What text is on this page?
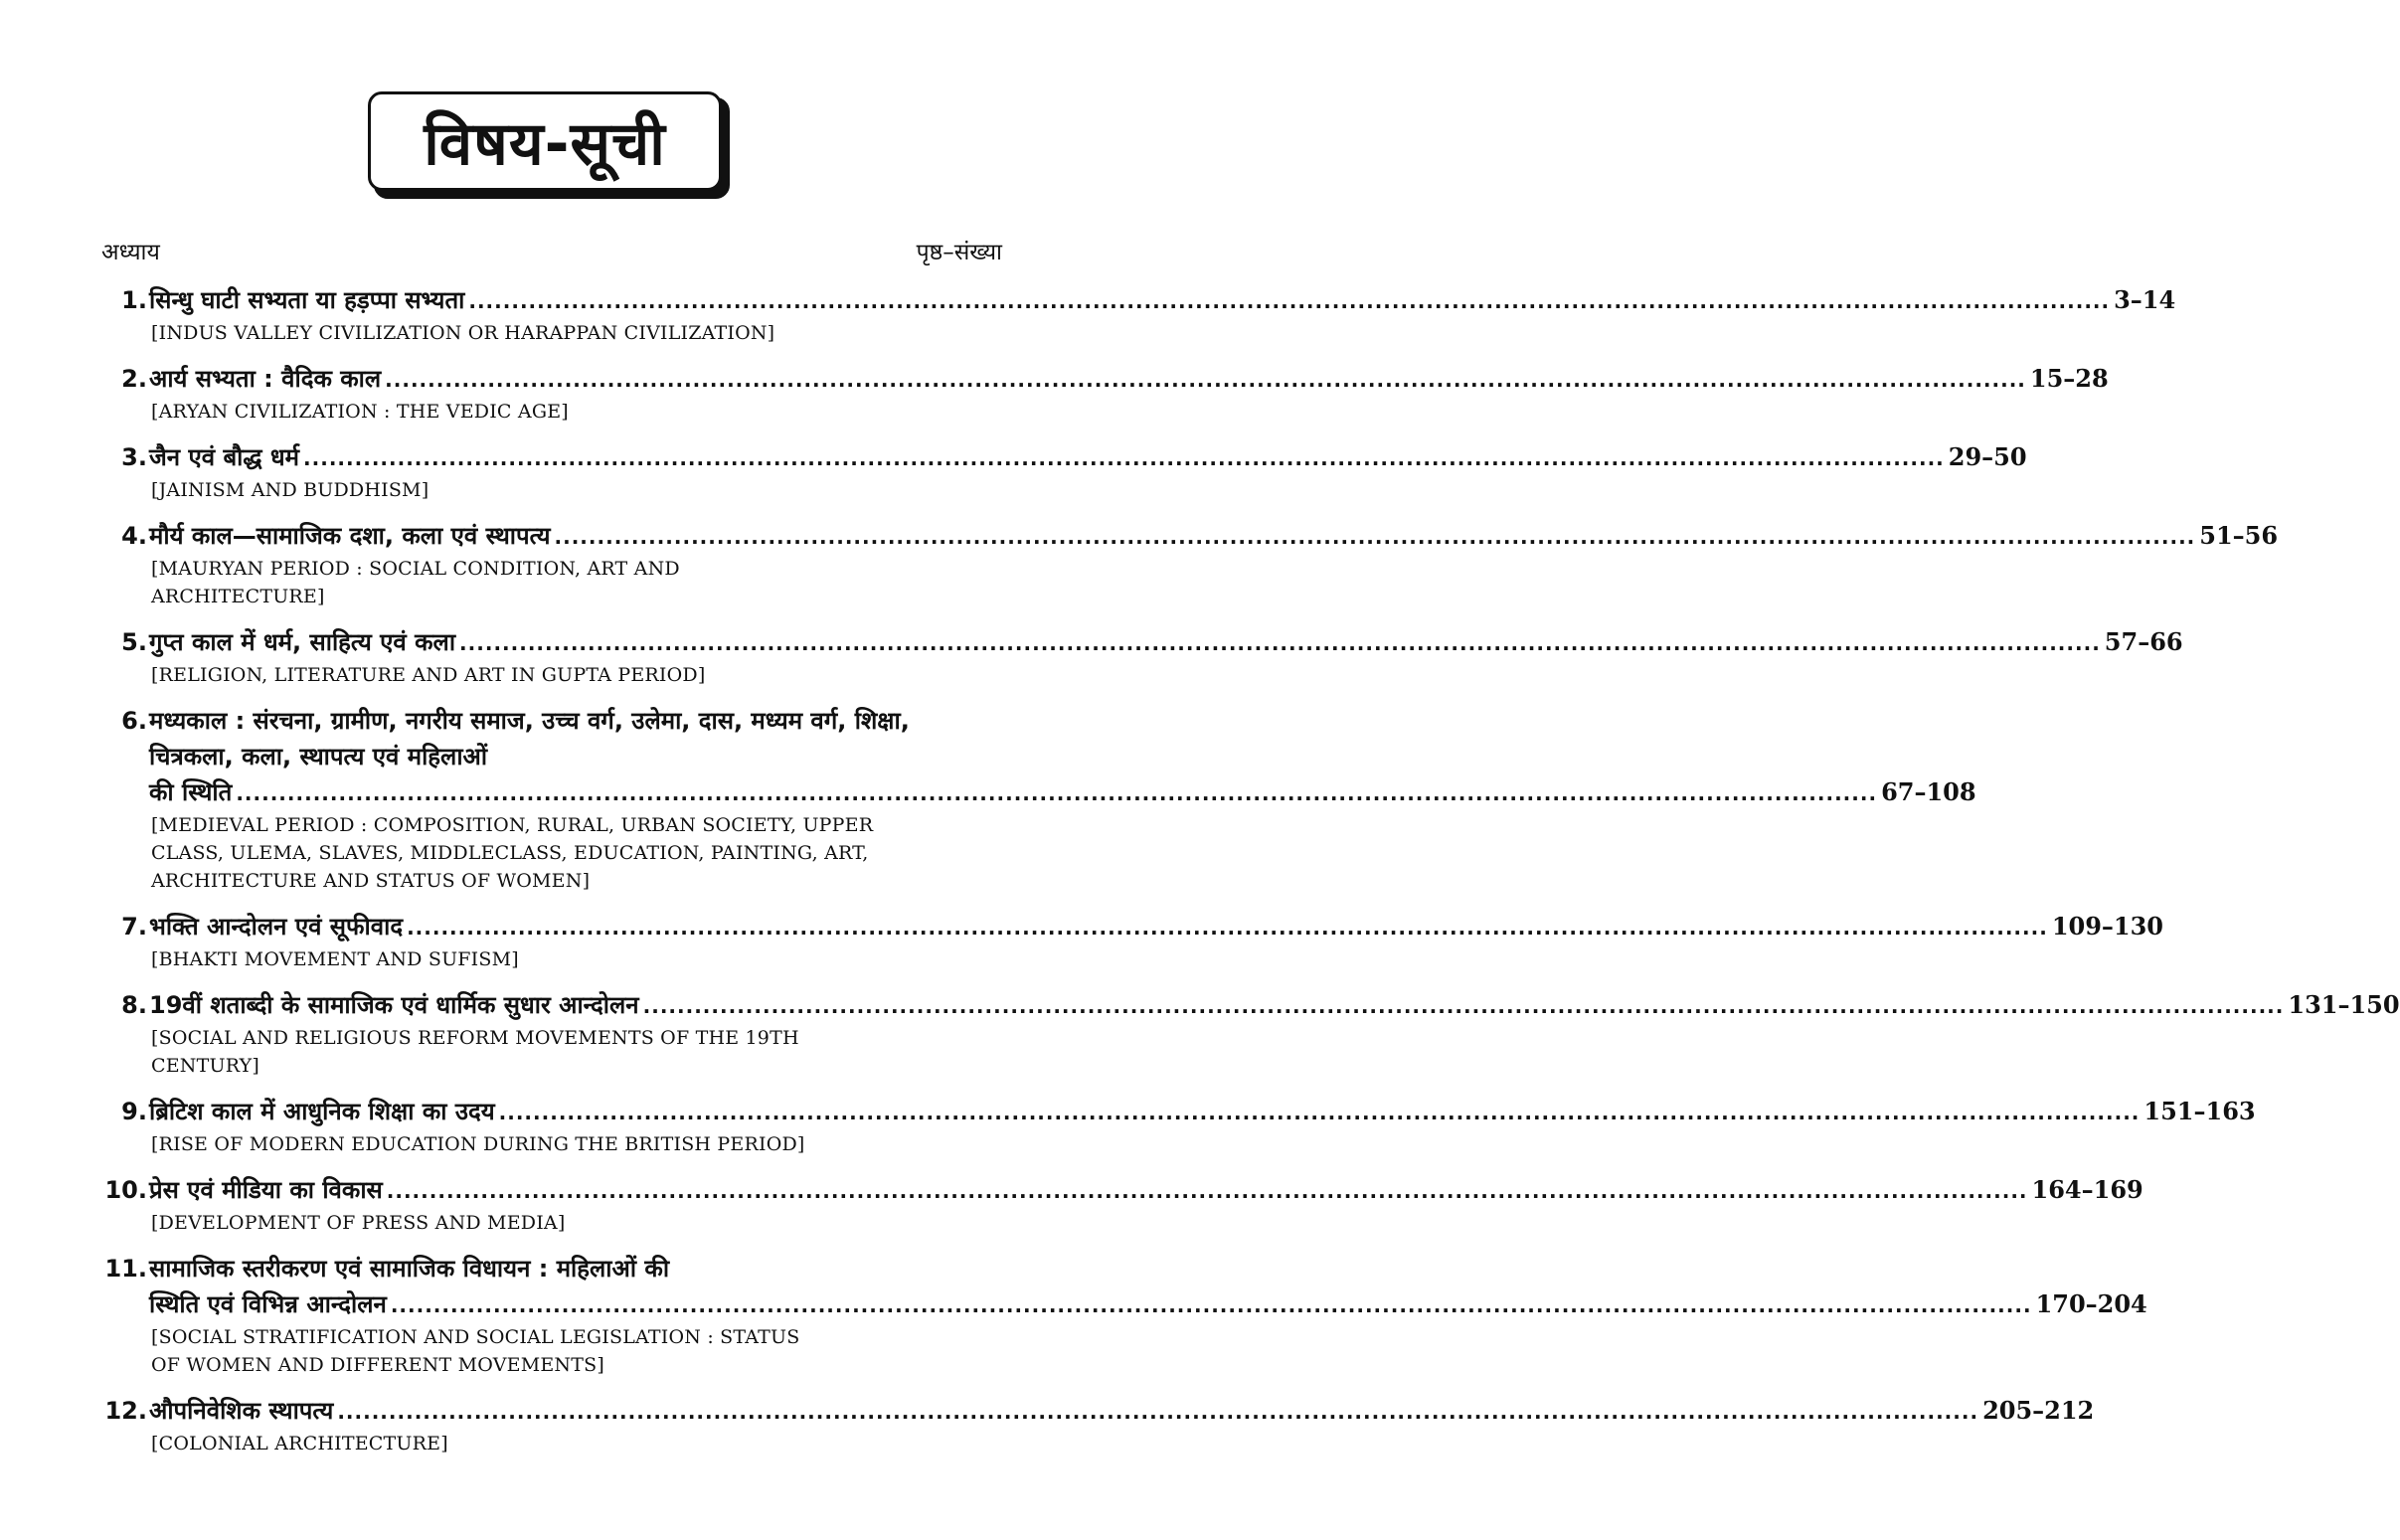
विषय-सूची
अध्याय	पृष्ठ–संख्या
1. सिन्धु घाटी सभ्यता या हड़प्पा सभ्यता .....	3–14
[INDUS VALLEY CIVILIZATION OR HARAPPAN CIVILIZATION]
2. आर्य सभ्यता : वैदिक काल .....	15–28
[ARYAN CIVILIZATION : THE VEDIC AGE]
3. जैन एवं बौद्ध धर्म .....	29–50
[JAINISM AND BUDDHISM]
4. मौर्य काल—सामाजिक दशा, कला एवं स्थापत्य .....	51–56
[MAURYAN PERIOD : SOCIAL CONDITION, ART AND ARCHITECTURE]
5. गुप्त काल में धर्म, साहित्य एवं कला .....	57–66
[RELIGION, LITERATURE AND ART IN GUPTA PERIOD]
6. मध्यकाल : संरचना, ग्रामीण, नगरीय समाज, उच्च वर्ग, उलेमा, दास, मध्यम वर्ग, शिक्षा, चित्रकला, कला, स्थापत्य एवं महिलाओं
की स्थिति .....	67–108
[MEDIEVAL PERIOD : COMPOSITION, RURAL, URBAN SOCIETY, UPPER CLASS, ULEMA, SLAVES, MIDDLECLASS, EDUCATION, PAINTING, ART, ARCHITECTURE AND STATUS OF WOMEN]
7. भक्ति आन्दोलन एवं सूफीवाद .....	109–130
[BHAKTI MOVEMENT AND SUFISM]
8. 19वीं शताब्दी के सामाजिक एवं धार्मिक सुधार आन्दोलन .....	131–150
[SOCIAL AND RELIGIOUS REFORM MOVEMENTS OF THE 19TH CENTURY]
9. ब्रिटिश काल में आधुनिक शिक्षा का उदय .....	151–163
[RISE OF MODERN EDUCATION DURING THE BRITISH PERIOD]
10. प्रेस एवं मीडिया का विकास .....	164–169
[DEVELOPMENT OF PRESS AND MEDIA]
11. सामाजिक स्तरीकरण एवं सामाजिक विधायन : महिलाओं की
स्थिति एवं विभिन्न आन्दोलन .....	170–204
[SOCIAL STRATIFICATION AND SOCIAL LEGISLATION : STATUS OF WOMEN AND DIFFERENT MOVEMENTS]
12. औपनिवेशिक स्थापत्य .....	205–212
[COLONIAL ARCHITECTURE]
